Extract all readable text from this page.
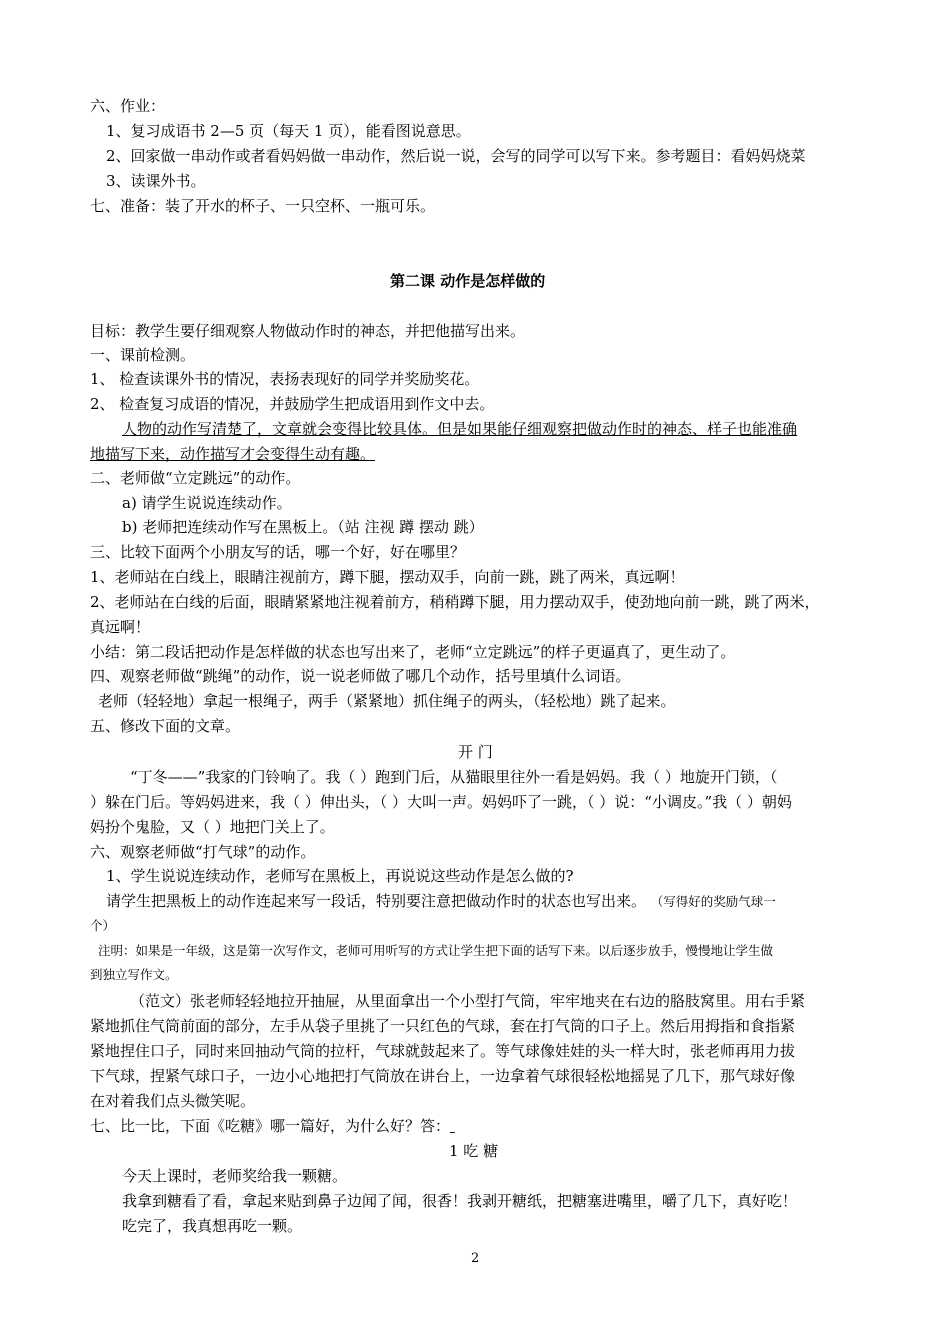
六、作业：
1、复习成语书 2—5 页（每天 1 页），能看图说意思。
2、回家做一串动作或者看妈妈做一串动作，然后说一说，会写的同学可以写下来。参考题目：看妈妈烧菜
3、读课外书。
七、准备：装了开水的杯子、一只空杯、一瓶可乐。
第二课 动作是怎样做的
目标：教学生要仔细观察人物做动作时的神态，并把他描写出来。
一、课前检测。
1、 检查读课外书的情况，表扬表现好的同学并奖励奖花。
2、 检查复习成语的情况，并鼓励学生把成语用到作文中去。
人物的动作写清楚了，文章就会变得比较具体。但是如果能仔细观察把做动作时的神态、样子也能准确
地描写下来，动作描写才会变得生动有趣。
二、老师做“立定跳远”的动作。
a) 请学生说说连续动作。
b) 老师把连续动作写在黑板上。（站 注视 蹲 摆动 跳）
三、比较下面两个小朋友写的话，哪一个好，好在哪里？
1、老师站在白线上，眼睛注视前方，蹲下腿，摆动双手，向前一跳，跳了两米，真远啊！
2、老师站在白线的后面，眼睛紧紧地注视着前方，稍稍蹲下腿，用力摆动双手，使劲地向前一跳，跳了两米，
真远啊！
小结：第二段话把动作是怎样做的状态也写出来了，老师“立定跳远”的样子更逼真了，更生动了。
四、观察老师做“跳绳”的动作，说一说老师做了哪几个动作，括号里填什么词语。
老师（轻轻地）拿起一根绳子，两手（紧紧地）抓住绳子的两头，（轻松地）跳了起来。
五、修改下面的文章。
开 门
“丁冬——”我家的门铃响了。我（ ）跑到门后，从猫眼里往外一看是妈妈。我（ ）地旋开门锁，（
）躲在门后。等妈妈进来，我（ ）伸出头，（ ）大叫一声。妈妈吓了一跳，（ ）说：“小调皮。”我（ ）朝妈
妈扮个鬼脸，又（ ）地把门关上了。
六、观察老师做“打气球”的动作。
1、学生说说连续动作，老师写在黑板上，再说说这些动作是怎么做的?
请学生把黑板上的动作连起来写一段话，特别要注意把做动作时的状态也写出来。 （写得好的奖励气球一
个）
注明：如果是一年级，这是第一次写作文，老师可用听写的方式让学生把下面的话写下来。以后逐步放手，慢慢地让学生做
到独立写作文。
（范文）张老师轻轻地拉开抽屉，从里面拿出一个小型打气筒，牢牢地夹在右边的胳肢窝里。用右手紧
紧地抓住气筒前面的部分，左手从袋子里挑了一只红色的气球，套在打气筒的口子上。然后用拇指和食指紧
紧地捏住口子，同时来回抽动气筒的拉杆，气球就鼓起来了。等气球像娃娃的头一样大时，张老师再用力拔
下气球，捏紧气球口子，一边小心地把打气筒放在讲台上，一边拿着气球很轻松地摇晃了几下，那气球好像
在对着我们点头微笑呢。
七、比一比，下面《吃糖》哪一篇好，为什么好？答：
1 吃 糖
今天上课时，老师奖给我一颗糖。
我拿到糖看了看，拿起来贴到鼻子边闻了闻，很香！我剥开糖纸，把糖塞进嘴里，嚼了几下，真好吃！
吃完了，我真想再吃一颗。
2
